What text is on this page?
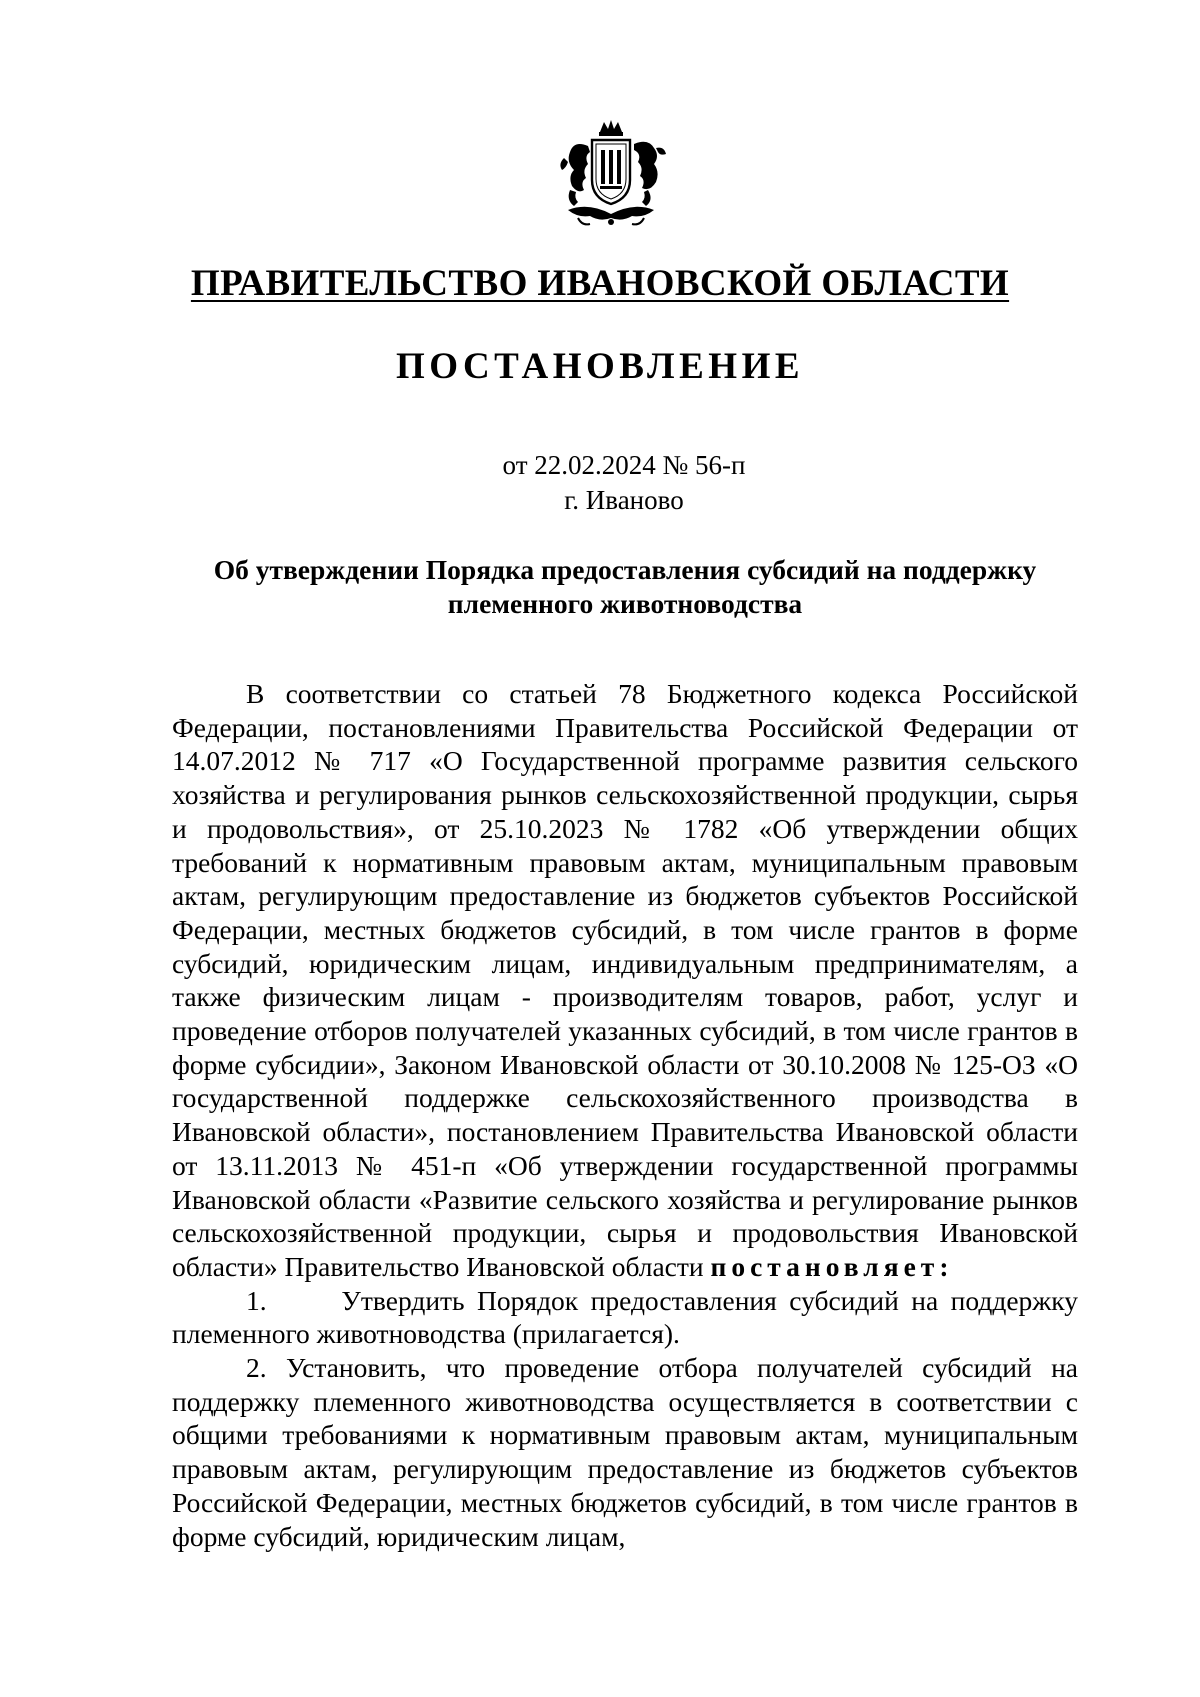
ПРАВИТЕЛЬСТВО ИВАНОВСКОЙ ОБЛАСТИ
ПОСТАНОВЛЕНИЕ
от 22.02.2024 № 56-п
г. Иваново
Об утверждении Порядка предоставления субсидий на поддержку племенного животноводства

В соответствии со статьей 78 Бюджетного кодекса Российской Федерации, постановлениями Правительства Российской Федерации от 14.07.2012 № 717 «О Государственной программе развития сельского хозяйства и регулирования рынков сельскохозяйственной продукции, сырья и продовольствия», от 25.10.2023 № 1782 «Об утверждении общих требований к нормативным правовым актам, муниципальным правовым актам, регулирующим предоставление из бюджетов субъектов Российской Федерации, местных бюджетов субсидий, в том числе грантов в форме субсидий, юридическим лицам, индивидуальным предпринимателям, а также физическим лицам - производителям товаров, работ, услуг и проведение отборов получателей указанных субсидий, в том числе грантов в форме субсидии», Законом Ивановской области от 30.10.2008 № 125-ОЗ «О государственной поддержке сельскохозяйственного производства в Ивановской области», постановлением Правительства Ивановской области от 13.11.2013 № 451-п «Об утверждении государственной программы Ивановской области «Развитие сельского хозяйства и регулирование рынков сельскохозяйственной продукции, сырья и продовольствия Ивановской области» Правительство Ивановской области постановляет:

1.      Утвердить Порядок предоставления субсидий на поддержку племенного животноводства (прилагается).

2. Установить, что проведение отбора получателей субсидий на поддержку племенного животноводства осуществляется в соответствии с общими требованиями к нормативным правовым актам, муниципальным правовым актам, регулирующим предоставление из бюджетов субъектов Российской Федерации, местных бюджетов субсидий, в том числе грантов в форме субсидий, юридическим лицам,
